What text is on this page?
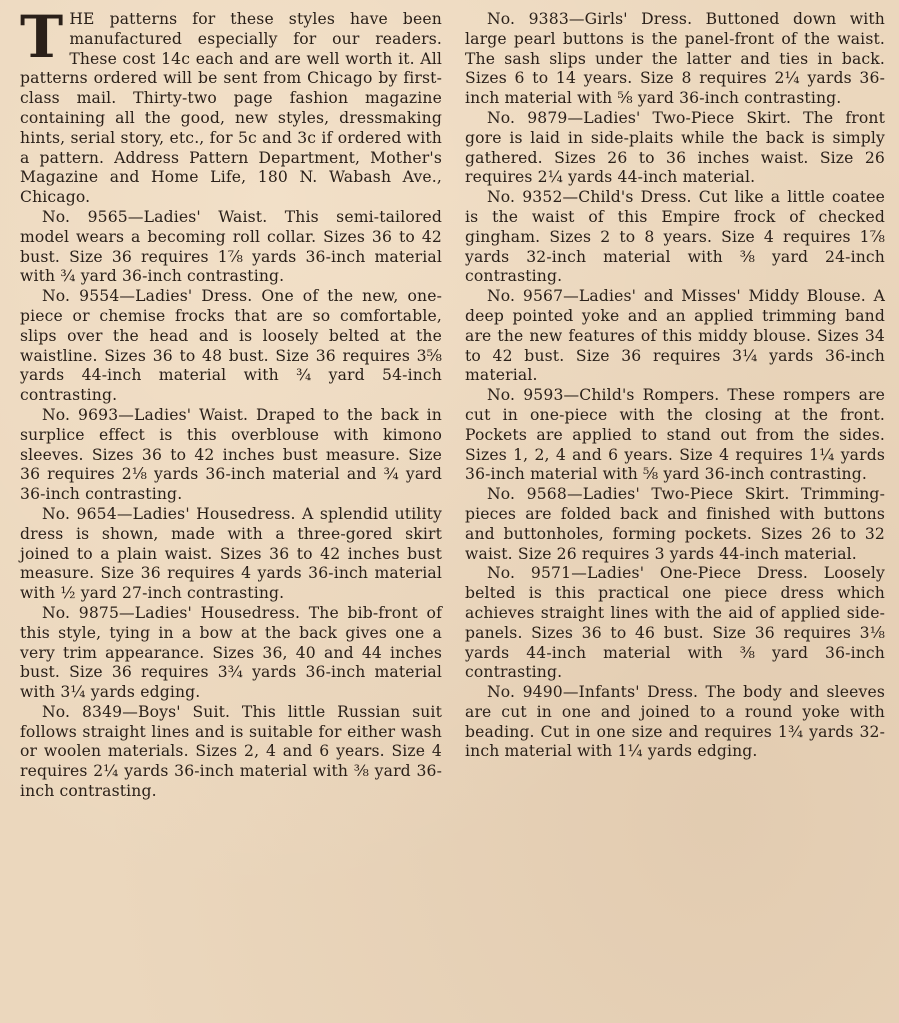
THE patterns for these styles have been manufactured especially for our readers. These cost 14c each and are well worth it. All patterns ordered will be sent from Chicago by first-class mail. Thirty-two page fashion magazine containing all the good, new styles, dressmaking hints, serial story, etc., for 5c and 3c if ordered with a pattern. Address Pattern Department, Mother's Magazine and Home Life, 180 N. Wabash Ave., Chicago.

No. 9565—Ladies' Waist. This semi-tailored model wears a becoming roll collar. Sizes 36 to 42 bust. Size 36 requires 1⅞ yards 36-inch material with ¾ yard 36-inch contrasting.

No. 9554—Ladies' Dress. One of the new, one-piece or chemise frocks that are so comfortable, slips over the head and is loosely belted at the waistline. Sizes 36 to 48 bust. Size 36 requires 3⅝ yards 44-inch material with ¾ yard 54-inch contrasting.

No. 9693—Ladies' Waist. Draped to the back in surplice effect is this overblouse with kimono sleeves. Sizes 36 to 42 inches bust measure. Size 36 requires 2⅛ yards 36-inch material and ¾ yard 36-inch contrasting.

No. 9654—Ladies' Housedress. A splendid utility dress is shown, made with a three-gored skirt joined to a plain waist. Sizes 36 to 42 inches bust measure. Size 36 requires 4 yards 36-inch material with ½ yard 27-inch contrasting.

No. 9875—Ladies' Housedress. The bib-front of this style, tying in a bow at the back gives one a very trim appearance. Sizes 36, 40 and 44 inches bust. Size 36 requires 3¾ yards 36-inch material with 3¼ yards edging.

No. 8349—Boys' Suit. This little Russian suit follows straight lines and is suitable for either wash or woolen materials. Sizes 2, 4 and 6 years. Size 4 requires 2¼ yards 36-inch material with ⅜ yard 36-inch contrasting.

No. 9383—Girls' Dress. Buttoned down with large pearl buttons is the panel-front of the waist. The sash slips under the latter and ties in back. Sizes 6 to 14 years. Size 8 requires 2¼ yards 36-inch material with ⅝ yard 36-inch contrasting.

No. 9879—Ladies' Two-Piece Skirt. The front gore is laid in side-plaits while the back is simply gathered. Sizes 26 to 36 inches waist. Size 26 requires 2¼ yards 44-inch material.

No. 9352—Child's Dress. Cut like a little coatee is the waist of this Empire frock of checked gingham. Sizes 2 to 8 years. Size 4 requires 1⅞ yards 32-inch material with ⅜ yard 24-inch contrasting.

No. 9567—Ladies' and Misses' Middy Blouse. A deep pointed yoke and an applied trimming band are the new features of this middy blouse. Sizes 34 to 42 bust. Size 36 requires 3¼ yards 36-inch material.

No. 9593—Child's Rompers. These rompers are cut in one-piece with the closing at the front. Pockets are applied to stand out from the sides. Sizes 1, 2, 4 and 6 years. Size 4 requires 1¼ yards 36-inch material with ⅝ yard 36-inch contrasting.

No. 9568—Ladies' Two-Piece Skirt. Trimming-pieces are folded back and finished with buttons and buttonholes, forming pockets. Sizes 26 to 32 waist. Size 26 requires 3 yards 44-inch material.

No. 9571—Ladies' One-Piece Dress. Loosely belted is this practical one piece dress which achieves straight lines with the aid of applied side-panels. Sizes 36 to 46 bust. Size 36 requires 3⅛ yards 44-inch material with ⅜ yard 36-inch contrasting.

No. 9490—Infants' Dress. The body and sleeves are cut in one and joined to a round yoke with beading. Cut in one size and requires 1¾ yards 32-inch material with 1¼ yards edging.
